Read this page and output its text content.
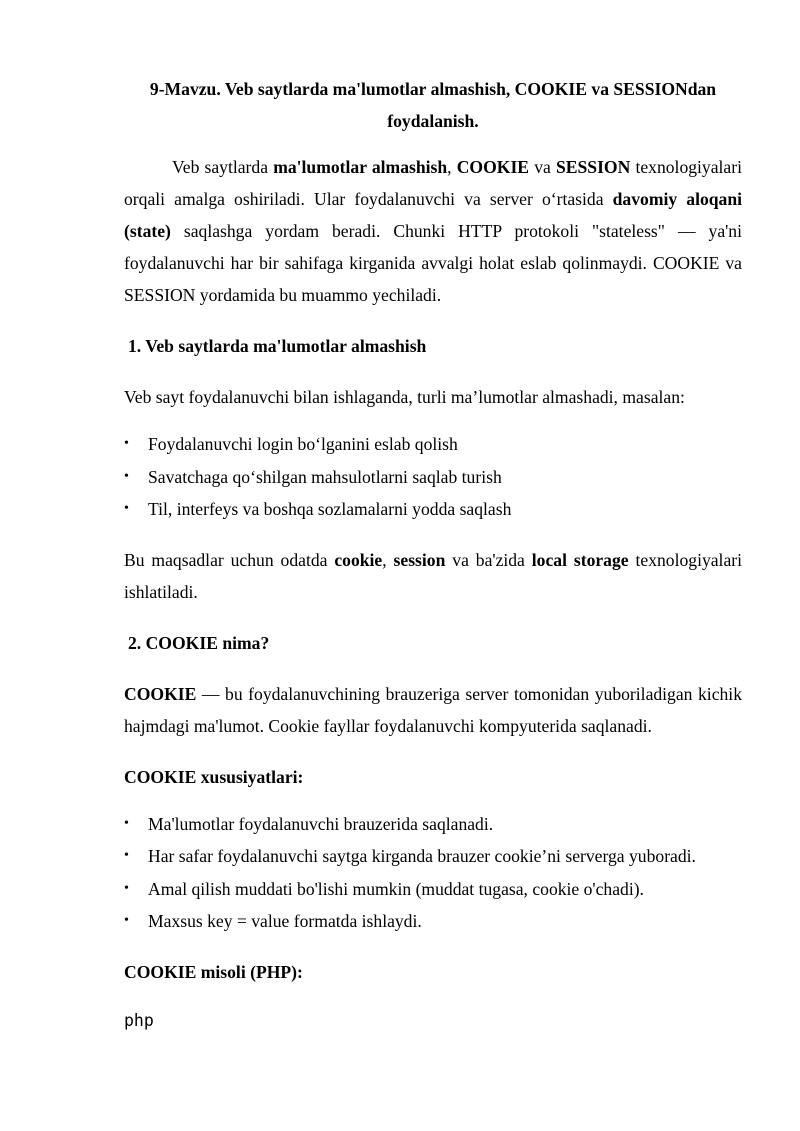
9-Mavzu. Veb saytlarda ma'lumotlar almashish, COOKIE va SESSIONdan
foydalanish.

Veb saytlarda ma'lumotlar almashish, COOKIE va SESSION texnologiyalari orqali amalga oshiriladi. Ular foydalanuvchi va server o‘rtasida davomiy aloqani (state) saqlashga yordam beradi. Chunki HTTP protokoli "stateless" — ya'ni foydalanuvchi har bir sahifaga kirganida avvalgi holat eslab qolinmaydi. COOKIE va SESSION yordamida bu muammo yechiladi.

1. Veb saytlarda ma'lumotlar almashish

Veb sayt foydalanuvchi bilan ishlaganda, turli ma’lumotlar almashadi, masalan:

• Foydalanuvchi login bo‘lganini eslab qolish
• Savatchaga qo‘shilgan mahsulotlarni saqlab turish
• Til, interfeys va boshqa sozlamalarni yodda saqlash

Bu maqsadlar uchun odatda cookie, session va ba'zida local storage texnologiyalari ishlatiladi.

2. COOKIE nima?

COOKIE — bu foydalanuvchining brauzeriga server tomonidan yuboriladigan kichik hajmdagi ma'lumot. Cookie fayllar foydalanuvchi kompyuterida saqlanadi.

COOKIE xususiyatlari:

• Ma'lumotlar foydalanuvchi brauzerida saqlanadi.
• Har safar foydalanuvchi saytga kirganda brauzer cookie’ni serverga yuboradi.
• Amal qilish muddati bo'lishi mumkin (muddat tugasa, cookie o'chadi).
• Maxsus key = value formatda ishlaydi.

COOKIE misoli (PHP):

php
